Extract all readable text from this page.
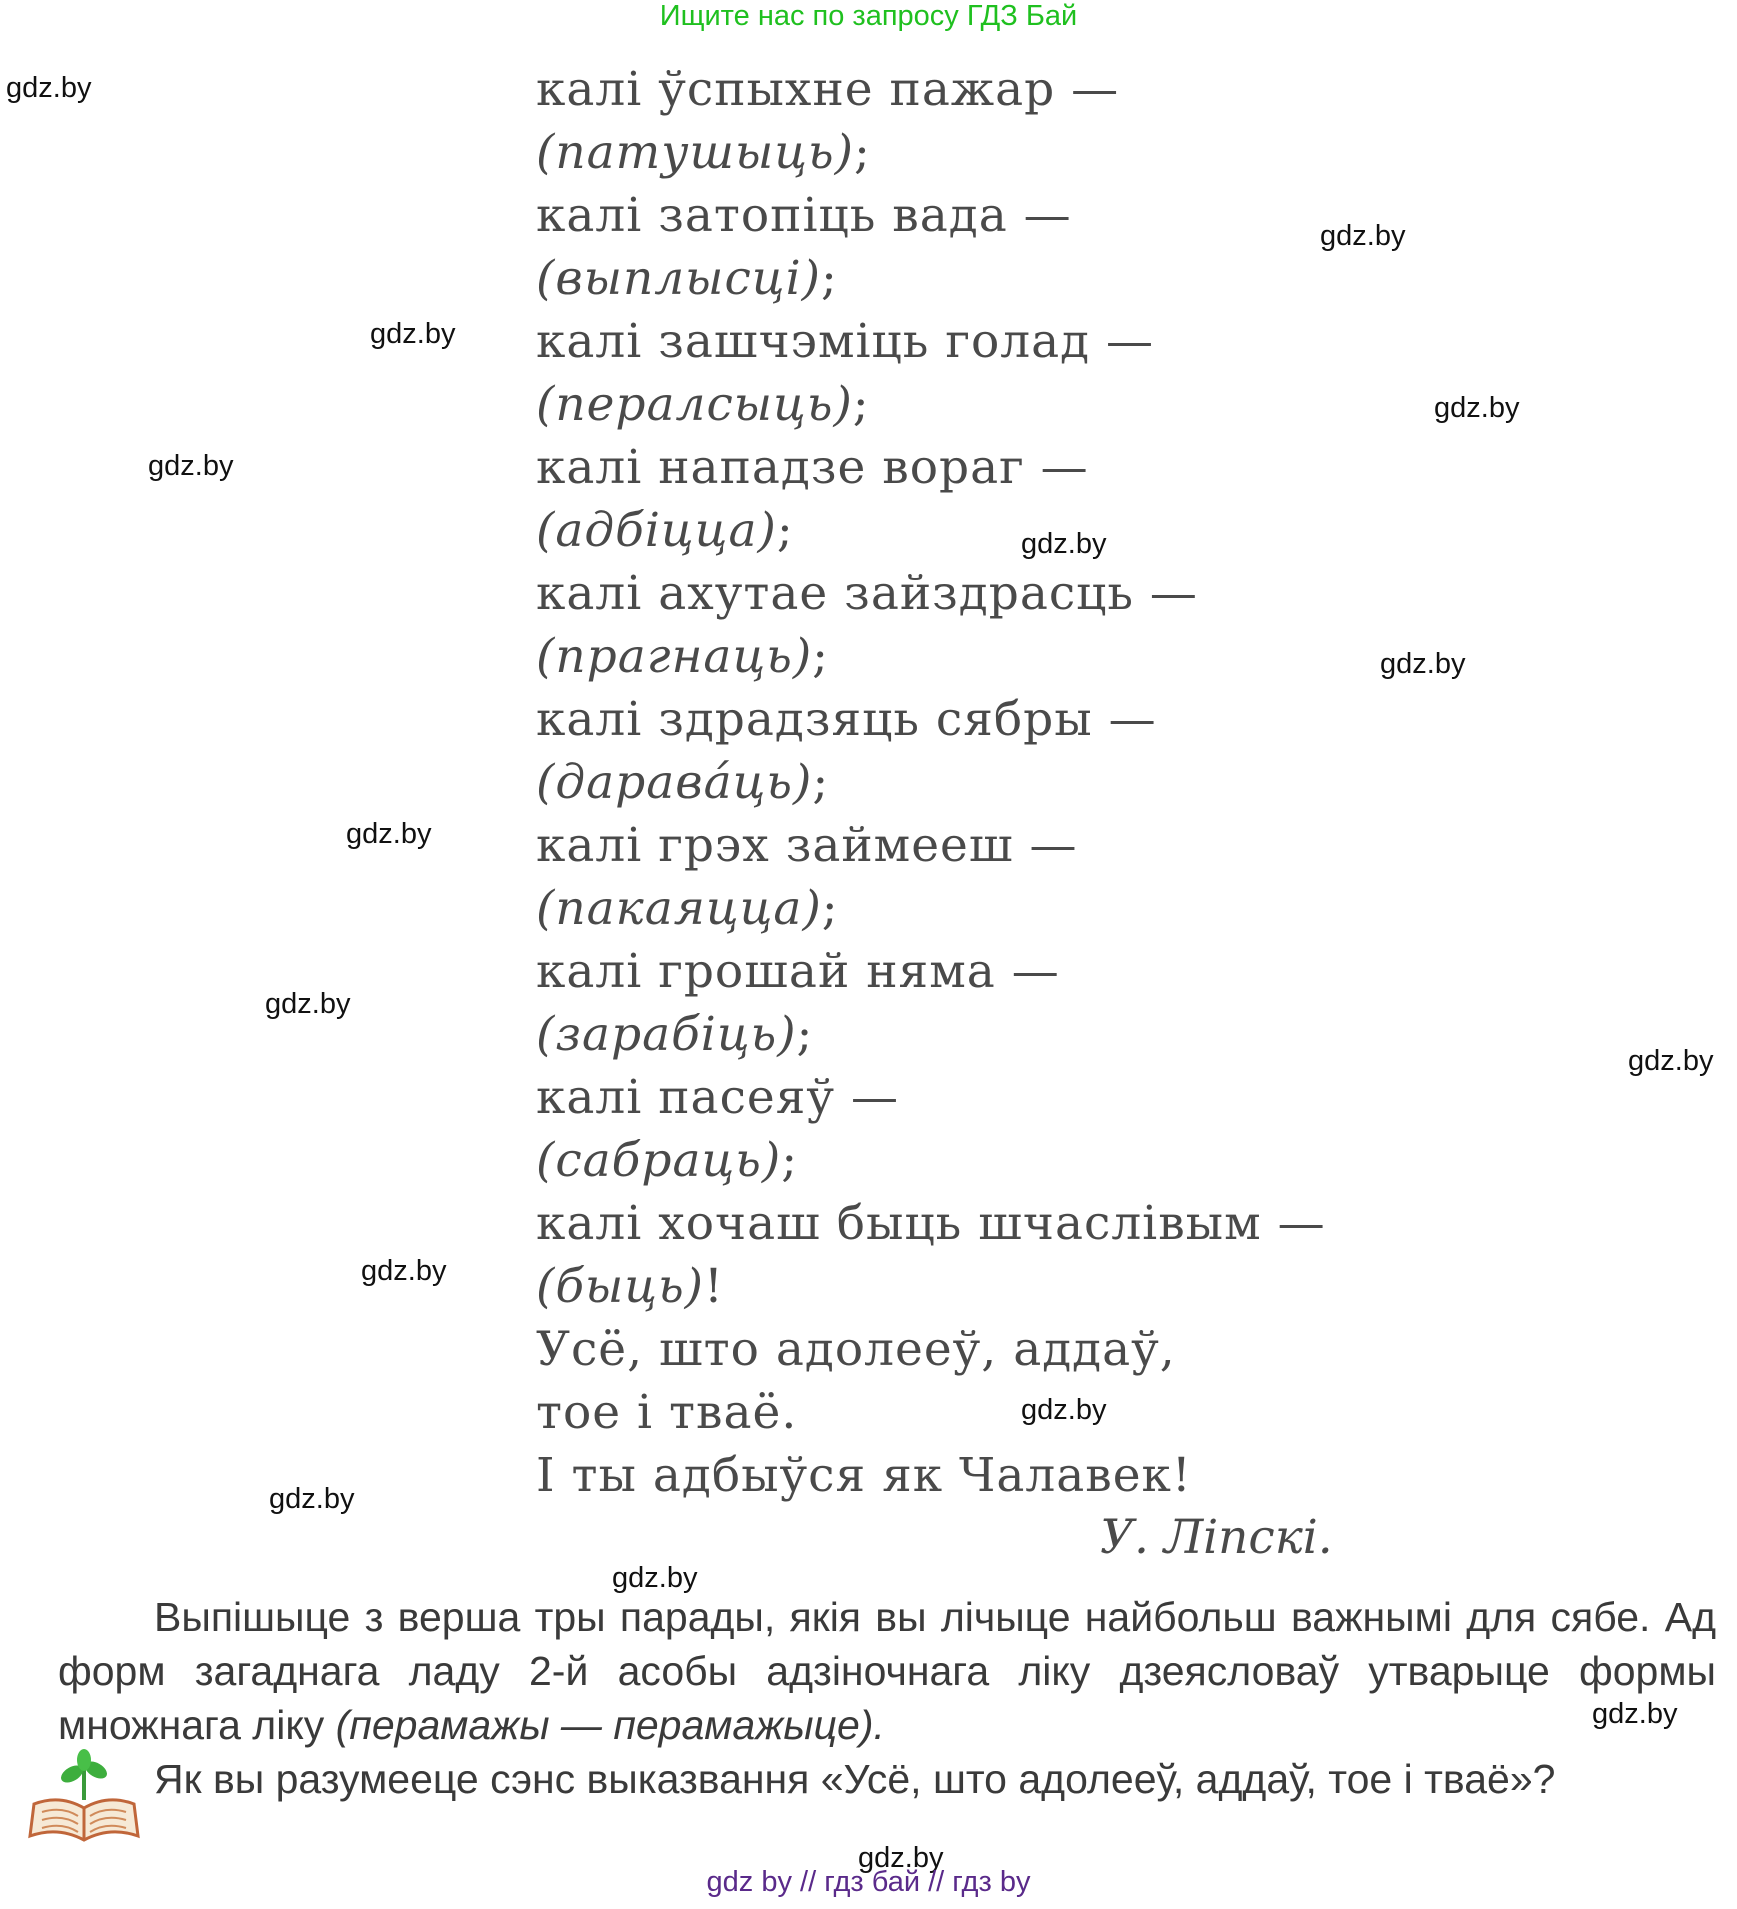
Ищите нас по запросу ГДЗ Бай
калі ўспыхне пажар —
(патушыць);
калі затопіць вада —
(выплысці);
калі зашчэміць голад —
(пералсыць);
калі нападзе вораг —
(адбіцца);
калі ахутае зайздрасць —
(прагнаць);
калі здрадзяць сябры —
(даравáць);
калі грэх займееш —
(пакаяцца);
калі грошай няма —
(зарабіць);
калі пасеяў —
(сабраць);
калі хочаш быць шчаслівым —
(быць)!
Усё, што адолееў, аддаў,
тое і тваё.
І ты адбыўся як Чалавек!
У. Ліпскі.

Выпішыце з верша тры парады, якія вы лічыце найбольш важнымі для сябе. Ад форм загаднага ладу 2-й асобы адзіночнага ліку дзеясловаў утварыце формы множнага ліку (перамажы — перамажыце).

Як вы разумееце сэнс выказвання «Усё, што адолееў, аддаў, тое і тваё»?
gdz.by
gdz.by
gdz.by
gdz.by
gdz.by
gdz.by
gdz.by
gdz.by
gdz.by
gdz.by
gdz.by
gdz.by
gdz.by
gdz.by
gdz.by
gdz.by
gdz by // гдз бай // гдз by
